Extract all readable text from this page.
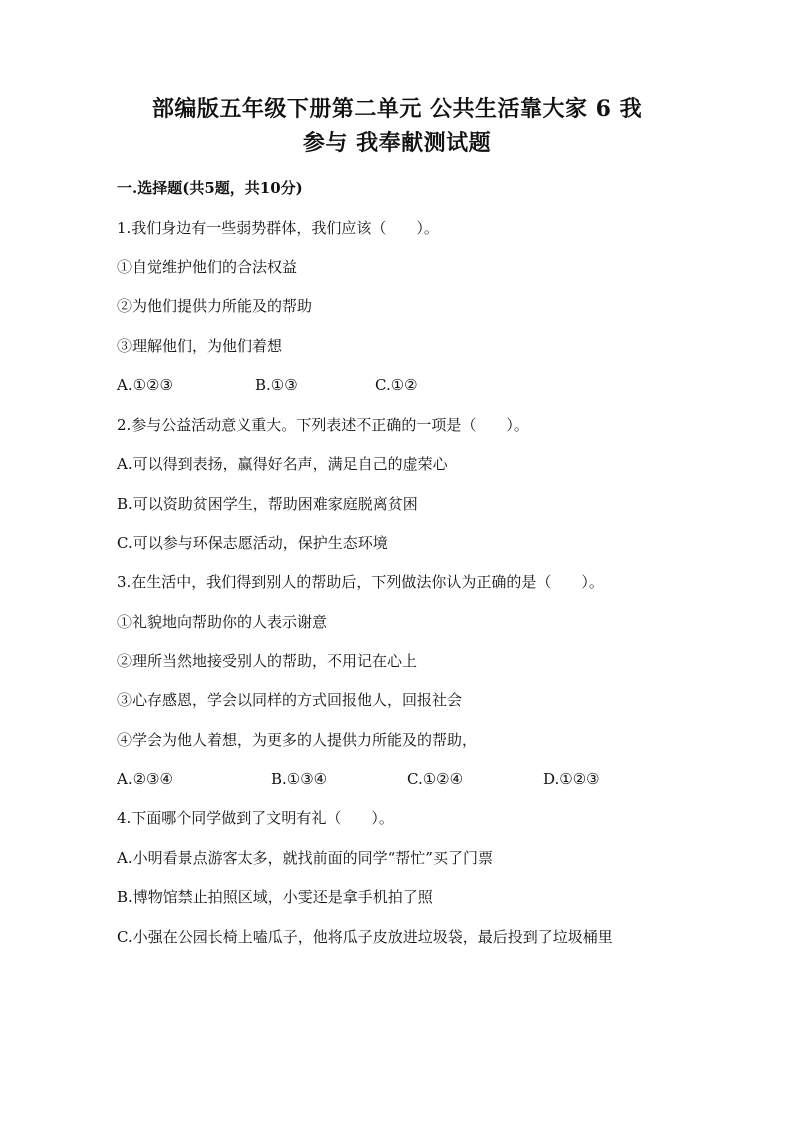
部编版五年级下册第二单元 公共生活靠大家 6 我
参与 我奉献测试题
一.选择题(共5题，共10分)
1.我们身边有一些弱势群体，我们应该（　　）。
①自觉维护他们的合法权益
②为他们提供力所能及的帮助
③理解他们，为他们着想
A.①②③	B.①③	C.①②
2.参与公益活动意义重大。下列表述不正确的一项是（　　）。
A.可以得到表扬，赢得好名声，满足自己的虚荣心
B.可以资助贫困学生，帮助困难家庭脱离贫困
C.可以参与环保志愿活动，保护生态环境
3.在生活中，我们得到别人的帮助后，下列做法你认为正确的是（　　）。
①礼貌地向帮助你的人表示谢意
②理所当然地接受别人的帮助，不用记在心上
③心存感恩，学会以同样的方式回报他人，回报社会
④学会为他人着想，为更多的人提供力所能及的帮助，
A.②③④	B.①③④	C.①②④	D.①②③
4.下面哪个同学做到了文明有礼（　　）。
A.小明看景点游客太多，就找前面的同学“帮忙”买了门票
B.博物馆禁止拍照区域，小雯还是拿手机拍了照
C.小强在公园长椅上嗑瓜子，他将瓜子皮放进垃圾袋，最后投到了垃圾桶里
